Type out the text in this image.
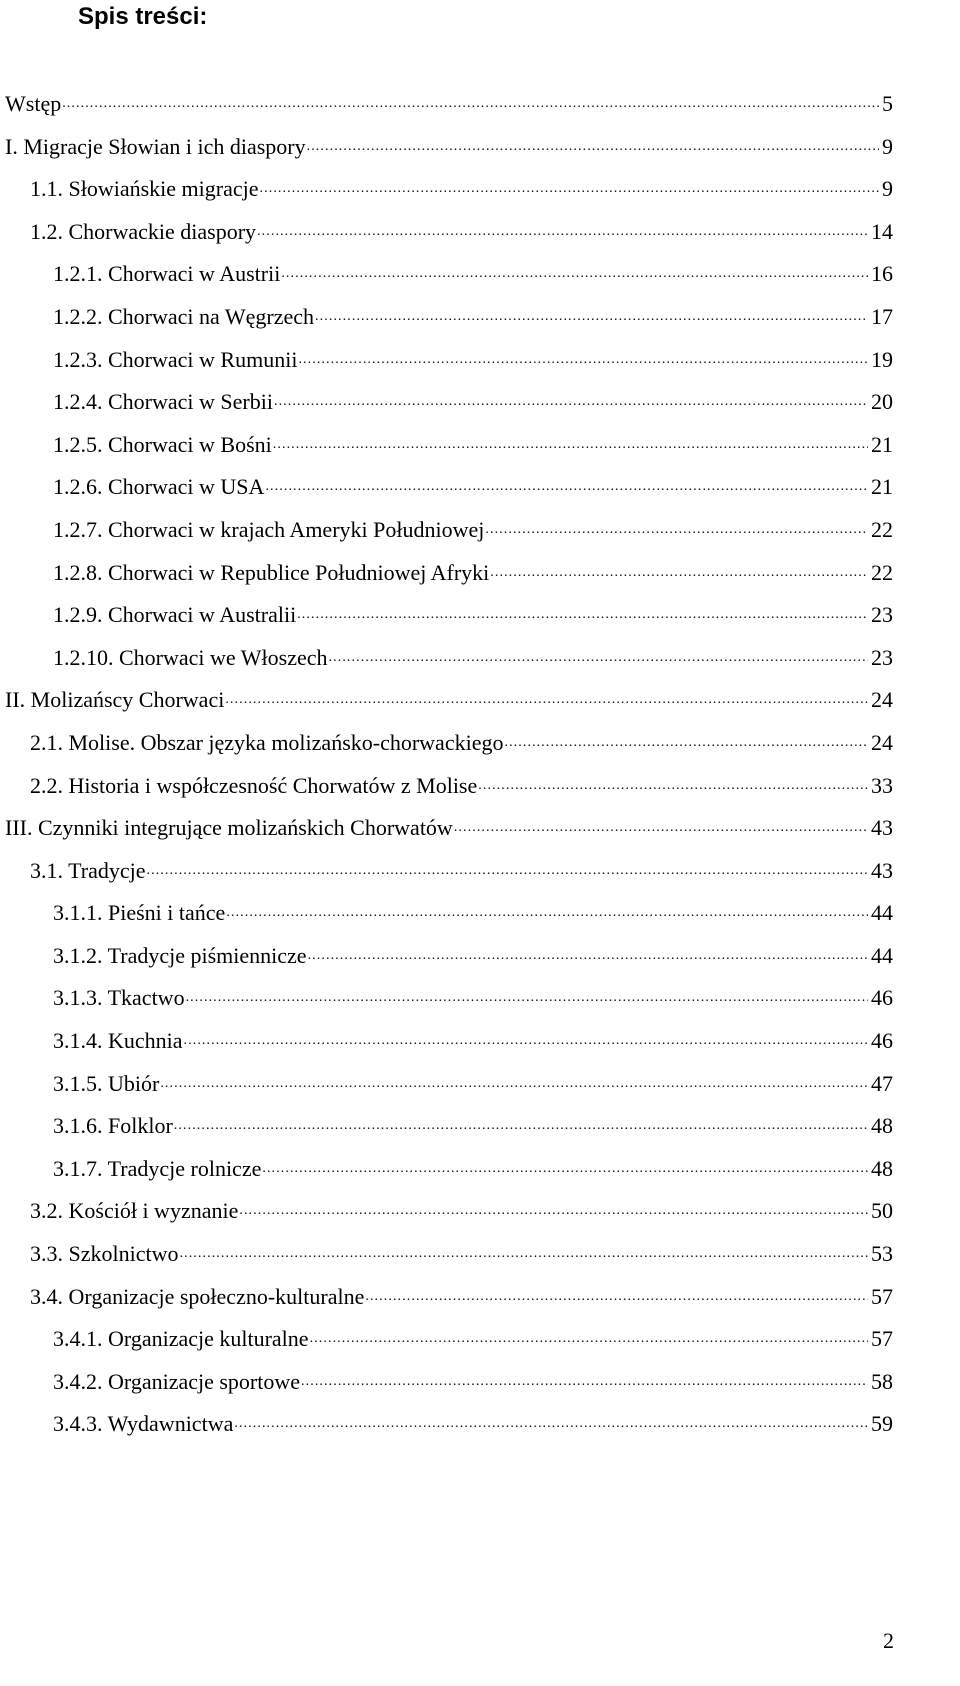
Spis treści:
Wstęp . . .	5
I. Migracje Słowian i ich diaspory . . .	9
1.1. Słowiańskie migracje . . .	9
1.2. Chorwackie diaspory . . .	14
1.2.1. Chorwaci w Austrii . . .	16
1.2.2. Chorwaci na Węgrzech . . .	17
1.2.3. Chorwaci w Rumunii . . .	19
1.2.4. Chorwaci w Serbii . . .	20
1.2.5. Chorwaci w Bośni . . .	21
1.2.6. Chorwaci w USA . . .	21
1.2.7. Chorwaci w krajach Ameryki Południowej . . .	22
1.2.8. Chorwaci w Republice Południowej Afryki . . .	22
1.2.9. Chorwaci w Australii . . .	23
1.2.10. Chorwaci we Włoszech . . .	23
II. Molizańscy Chorwaci . . .	24
2.1. Molise. Obszar języka molizańsko-chorwackiego . . .	24
2.2. Historia i współczesność Chorwatów z Molise . . .	33
III. Czynniki integrujące molizańskich Chorwatów . . .	43
3.1. Tradycje . . .	43
3.1.1. Pieśni i tańce . . .	44
3.1.2. Tradycje piśmiennicze . . .	44
3.1.3. Tkactwo . . .	46
3.1.4. Kuchnia . . .	46
3.1.5. Ubiór . . .	47
3.1.6. Folklor . . .	48
3.1.7. Tradycje rolnicze . . .	48
3.2. Kościół i wyznanie . . .	50
3.3. Szkolnictwo . . .	53
3.4. Organizacje społeczno-kulturalne . . .	57
3.4.1. Organizacje kulturalne . . .	57
3.4.2. Organizacje sportowe . . .	58
3.4.3. Wydawnictwa . . .	59

2
